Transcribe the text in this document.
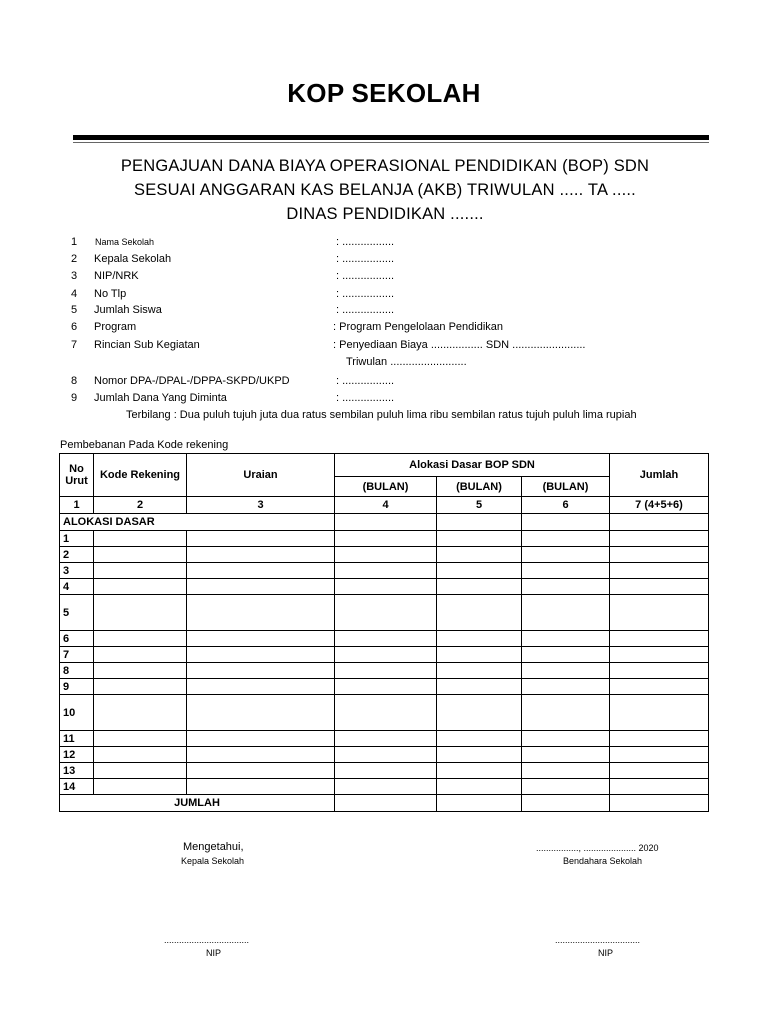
KOP SEKOLAH
PENGAJUAN DANA BIAYA OPERASIONAL PENDIDIKAN (BOP) SDN
SESUAI ANGGARAN KAS BELANJA (AKB) TRIWULAN ..... TA .....
DINAS PENDIDIKAN .......
1 Nama Sekolah	: .................
2 Kepala Sekolah	: .................
3 NIP/NRK	: .................
4 No Tlp	: .................
5 Jumlah Siswa	: .................
6 Program	: Program Pengelolaan Pendidikan
7 Rincian Sub Kegiatan	: Penyediaan Biaya ................. SDN ........................
Triwulan .........................
8 Nomor DPA-/DPAL-/DPPA-SKPD/UKPD	: .................
9 Jumlah Dana Yang Diminta	: .................
Terbilang : Dua puluh tujuh juta dua ratus sembilan puluh lima ribu sembilan ratus tujuh puluh lima rupiah
Pembebanan Pada Kode rekening
No Urut	Kode Rekening	Uraian	Alokasi Dasar BOP SDN			Jumlah
			(BULAN)	(BULAN)	(BULAN)	
1	2	3	4	5	6	7 (4+5+6)
ALOKASI DASAR						
1						
2						
3						
4						
5						
6						
7						
8						
9						
10						
11						
12						
13						
14						
JUMLAH						
Mengetahui,
Kepala Sekolah
................., ..................... 2020
Bendahara Sekolah
..................................	..................................
NIP	NIP
